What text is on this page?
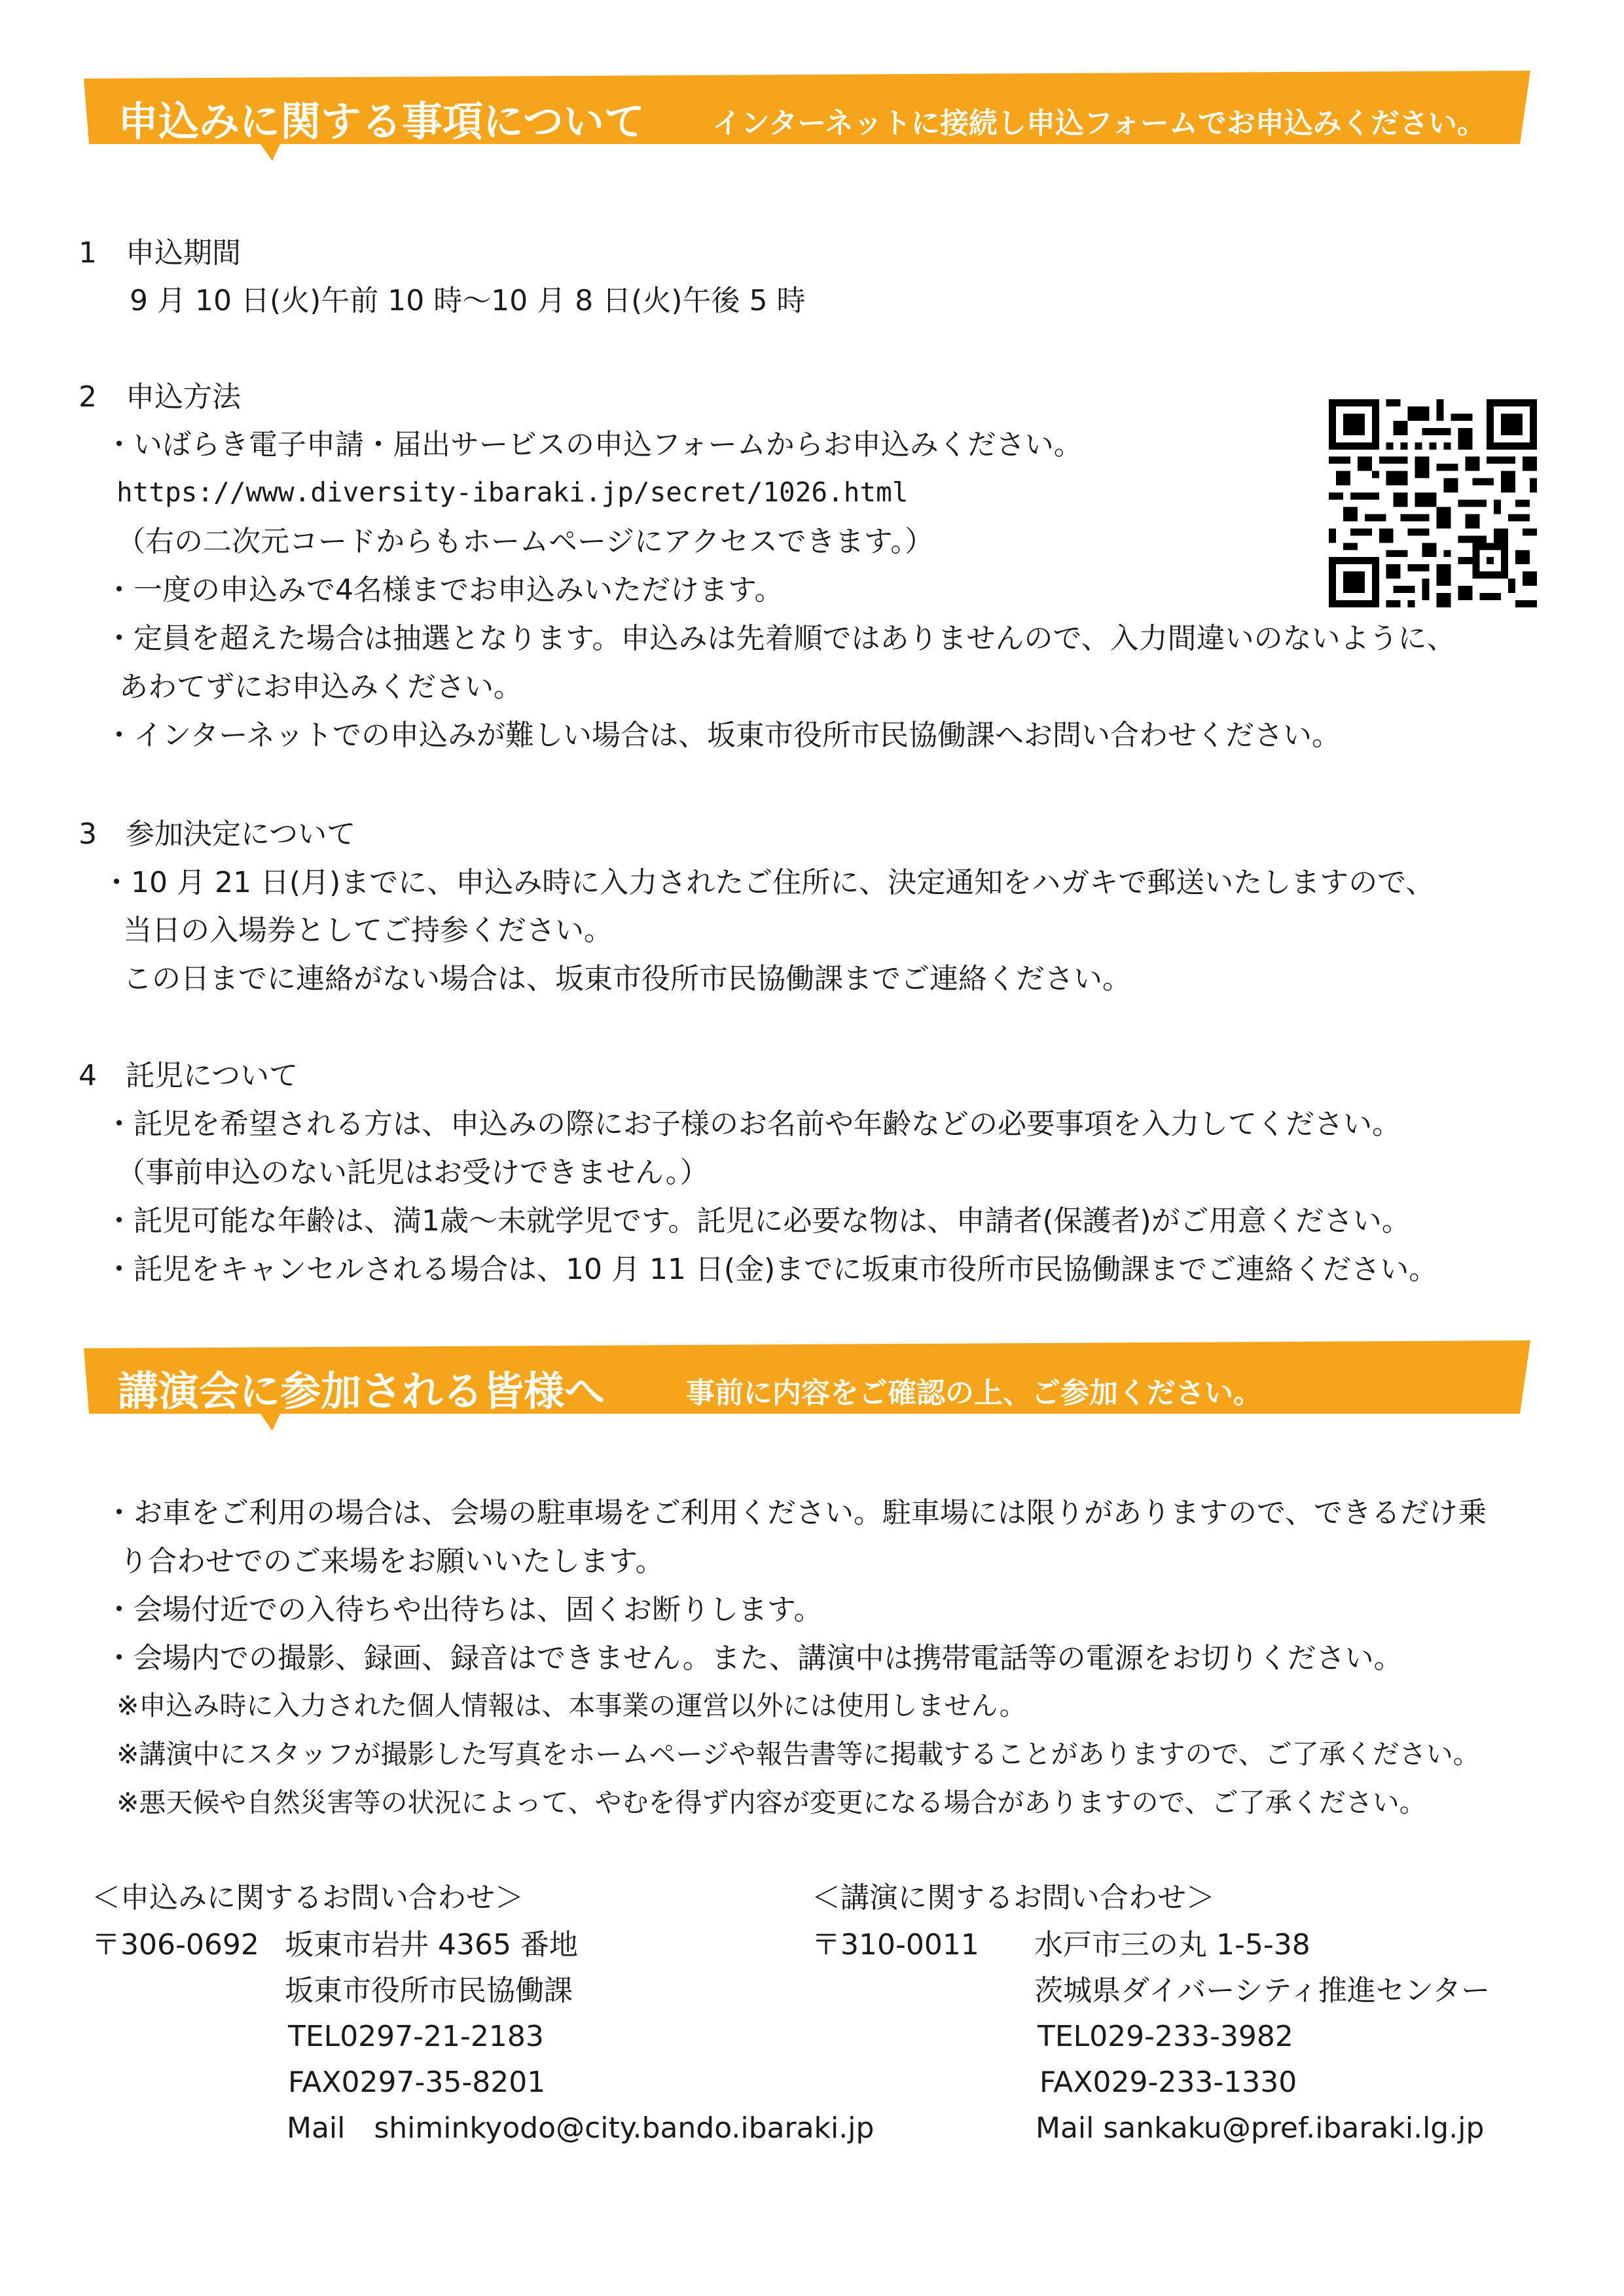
申込みに関する事項について インターネットに接続し申込フォームでお申込みください。
1　申込期間
9 月 10 日(火)午前 10 時～10 月 8 日(火)午後 5 時
2　申込方法
・いばらき電子申請・届出サービスの申込フォームからお申込みください。
https://www.diversity-ibaraki.jp/secret/1026.html
（右の二次元コードからもホームページにアクセスできます。）
・一度の申込みで4名様までお申込みいただけます。
・定員を超えた場合は抽選となります。申込みは先着順ではありませんので、入力間違いのないように、
あわてずにお申込みください。
・インターネットでの申込みが難しい場合は、坂東市役所市民協働課へお問い合わせください。
3　参加決定について
・10 月 21 日(月)までに、申込み時に入力されたご住所に、決定通知をハガキで郵送いたしますので、
当日の入場券としてご持参ください。
この日までに連絡がない場合は、坂東市役所市民協働課までご連絡ください。
4　託児について
・託児を希望される方は、申込みの際にお子様のお名前や年齢などの必要事項を入力してください。
（事前申込のない託児はお受けできません。）
・託児可能な年齢は、満1歳～未就学児です。託児に必要な物は、申請者(保護者)がご用意ください。
・託児をキャンセルされる場合は、10 月 11 日(金)までに坂東市役所市民協働課までご連絡ください。
講演会に参加される皆様へ	事前に内容をご確認の上、ご参加ください。
・お車をご利用の場合は、会場の駐車場をご利用ください。駐車場には限りがありますので、できるだけ乗
り合わせでのご来場をお願いいたします。
・会場付近での入待ちや出待ちは、固くお断りします。
・会場内での撮影、録画、録音はできません。また、講演中は携帯電話等の電源をお切りください。
※申込み時に入力された個人情報は、本事業の運営以外には使用しません。
※講演中にスタッフが撮影した写真をホームページや報告書等に掲載することがありますので、ご了承ください。
※悪天候や自然災害等の状況によって、やむを得ず内容が変更になる場合がありますので、ご了承ください。
＜申込みに関するお問い合わせ＞
〒306-0692 坂東市岩井 4365 番地
坂東市役所市民協働課
TEL0297-21-2183
FAX0297-35-8201
Mail　shiminkyodo@city.bando.ibaraki.jp
＜講演に関するお問い合わせ＞
〒310-0011 水戸市三の丸 1-5-38
茨城県ダイバーシティ推進センター
TEL029-233-3982
FAX029-233-1330
Mail sankaku@pref.ibaraki.lg.jp
